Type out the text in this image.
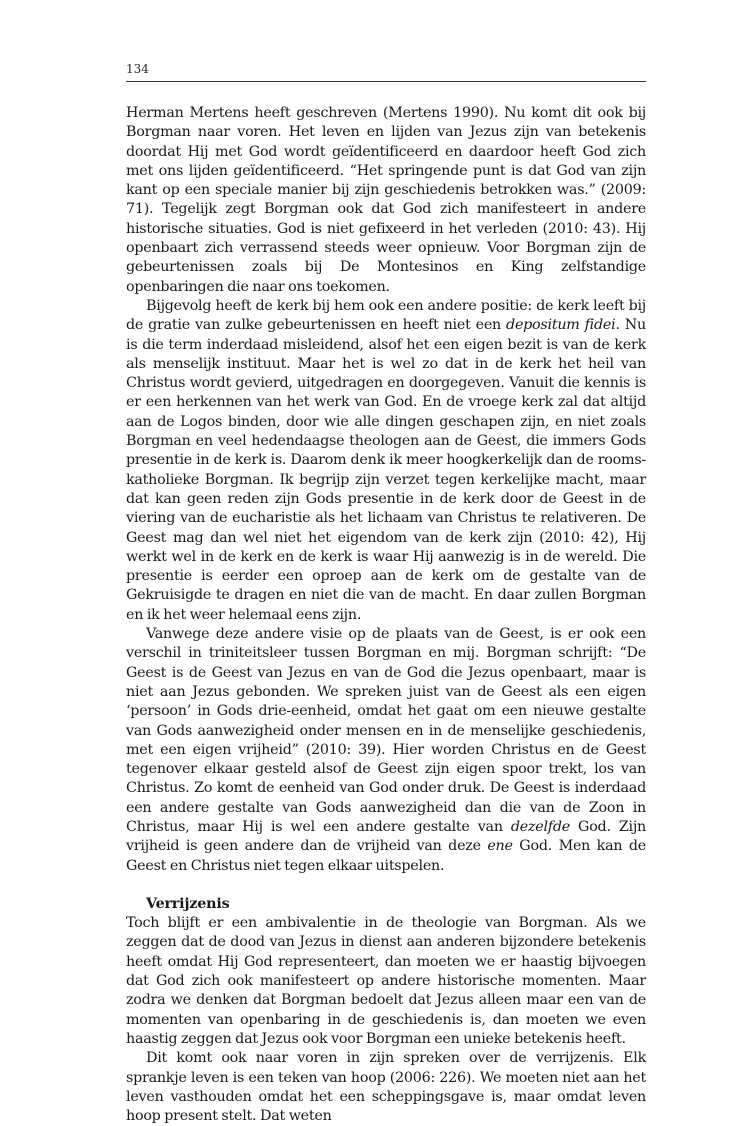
134

Herman Mertens heeft geschreven (Mertens 1990). Nu komt dit ook bij Borgman naar voren. Het leven en lijden van Jezus zijn van betekenis doordat Hij met God wordt geïdentificeerd en daardoor heeft God zich met ons lijden geïdentificeerd. “Het springende punt is dat God van zijn kant op een speciale manier bij zijn geschiedenis betrokken was.” (2009: 71). Tegelijk zegt Borgman ook dat God zich manifesteert in andere historische situaties. God is niet gefixeerd in het verleden (2010: 43). Hij openbaart zich verrassend steeds weer opnieuw. Voor Borgman zijn de gebeurtenissen zoals bij De Montesinos en King zelfstandige openbaringen die naar ons toekomen.

Bijgevolg heeft de kerk bij hem ook een andere positie: de kerk leeft bij de gratie van zulke gebeurtenissen en heeft niet een depositum fidei. Nu is die term inderdaad misleidend, alsof het een eigen bezit is van de kerk als menselijk instituut. Maar het is wel zo dat in de kerk het heil van Christus wordt gevierd, uitgedragen en doorgegeven. Vanuit die kennis is er een herkennen van het werk van God. En de vroege kerk zal dat altijd aan de Logos binden, door wie alle dingen geschapen zijn, en niet zoals Borgman en veel hedendaagse theologen aan de Geest, die immers Gods presentie in de kerk is. Daarom denk ik meer hoogkerkelijk dan de rooms-katholieke Borgman. Ik begrijp zijn verzet tegen kerkelijke macht, maar dat kan geen reden zijn Gods presentie in de kerk door de Geest in de viering van de eucharistie als het lichaam van Christus te relativeren. De Geest mag dan wel niet het eigendom van de kerk zijn (2010: 42), Hij werkt wel in de kerk en de kerk is waar Hij aanwezig is in de wereld. Die presentie is eerder een oproep aan de kerk om de gestalte van de Gekruisigde te dragen en niet die van de macht. En daar zullen Borgman en ik het weer helemaal eens zijn.

Vanwege deze andere visie op de plaats van de Geest, is er ook een verschil in triniteitsleer tussen Borgman en mij. Borgman schrijft: “De Geest is de Geest van Jezus en van de God die Jezus openbaart, maar is niet aan Jezus gebonden. We spreken juist van de Geest als een eigen ‘persoon’ in Gods drie-eenheid, omdat het gaat om een nieuwe gestalte van Gods aanwezigheid onder mensen en in de menselijke geschiedenis, met een eigen vrijheid” (2010: 39). Hier worden Christus en de Geest tegenover elkaar gesteld alsof de Geest zijn eigen spoor trekt, los van Christus. Zo komt de eenheid van God onder druk. De Geest is inderdaad een andere gestalte van Gods aanwezigheid dan die van de Zoon in Christus, maar Hij is wel een andere gestalte van dezelfde God. Zijn vrijheid is geen andere dan de vrijheid van deze ene God. Men kan de Geest en Christus niet tegen elkaar uitspelen.

Verrijzenis

Toch blijft er een ambivalentie in de theologie van Borgman. Als we zeggen dat de dood van Jezus in dienst aan anderen bijzondere betekenis heeft omdat Hij God representeert, dan moeten we er haastig bijvoegen dat God zich ook manifesteert op andere historische momenten. Maar zodra we denken dat Borgman bedoelt dat Jezus alleen maar een van de momenten van openbaring in de geschiedenis is, dan moeten we even haastig zeggen dat Jezus ook voor Borgman een unieke betekenis heeft.

Dit komt ook naar voren in zijn spreken over de verrijzenis. Elk sprankje leven is een teken van hoop (2006: 226). We moeten niet aan het leven vasthouden omdat het een scheppingsgave is, maar omdat leven hoop present stelt. Dat weten
